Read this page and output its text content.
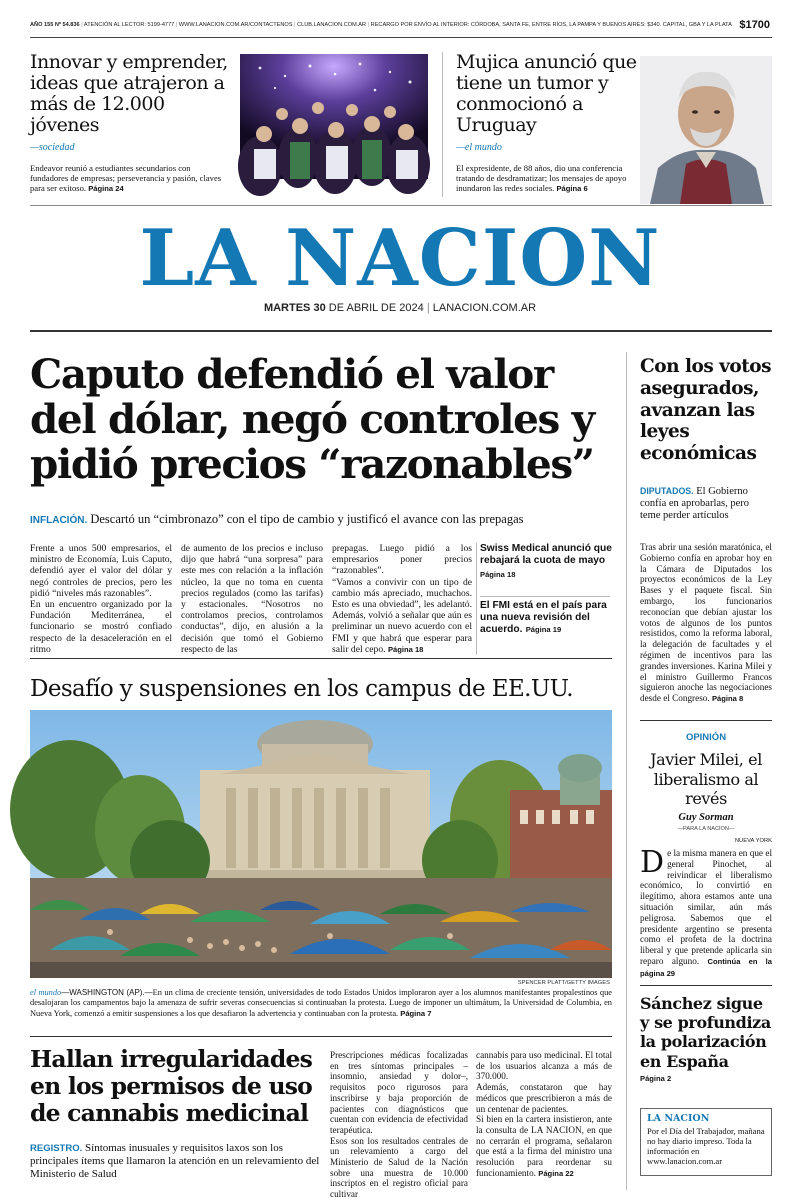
AÑO 155 Nº 54.836 | ATENCIÓN AL LECTOR: 5199-4777 | WWW.LANACION.COM.AR/CONTACTENOS | CLUB.LANACION.COM.AR | RECARGO POR ENVÍO AL INTERIOR: CÓRDOBA, SANTA FE, ENTRE RÍOS, LA PAMPA Y BUENOS AIRES: $340. CAPITAL, GBA Y LA PLATA $1700
Innovar y emprender, ideas que atrajeron a más de 12.000 jóvenes
—sociedad
Endeavor reunió a estudiantes secundarios con fundadores de empresas; perseverancia y pasión, claves para ser exitoso. Página 24
Mujica anunció que tiene un tumor y conmocionó a Uruguay
—el mundo
El expresidente, de 88 años, dio una conferencia tratando de desdramatizar; los mensajes de apoyo inundaron las redes sociales. Página 6
LA NACION
MARTES 30 DE ABRIL DE 2024 | LANACION.COM.AR
Caputo defendió el valor del dólar, negó controles y pidió precios “razonables”
INFLACIÓN. Descartó un “cimbronazo” con el tipo de cambio y justificó el avance con las prepagas
Frente a unos 500 empresarios, el ministro de Economía, Luis Caputo, defendió ayer el valor del dólar y negó controles de precios, pero les pidió “niveles más razonables”.
En un encuentro organizado por la Fundación Mediterránea, el funcionario se mostró confiado respecto de la desaceleración en el ritmo
de aumento de los precios e incluso dijo que habrá “una sorpresa” para este mes con relación a la inflación núcleo, la que no toma en cuenta precios regulados (como las tarifas) y estacionales. “Nosotros no controlamos precios, controlamos conductas”, dijo, en alusión a la decisión que tomó el Gobierno respecto de las
prepagas. Luego pidió a los empresarios poner precios “razonables”.
“Vamos a convivir con un tipo de cambio más apreciado, muchachos. Esto es una obviedad”, les adelantó. Además, volvió a señalar que aún es preliminar un nuevo acuerdo con el FMI y que habrá que esperar para salir del cepo. Página 18
Swiss Medical anunció que rebajará la cuota de mayo
Página 18
El FMI está en el país para una nueva revisión del acuerdo. Página 19
Desafío y suspensiones en los campus de EE.UU.
SPENCER PLATT/GETTY IMAGES
el mundo—WASHINGTON (AP).—En un clima de creciente tensión, universidades de todo Estados Unidos imploraron ayer a los alumnos manifestantes propalestinos que desalojaran los campamentos bajo la amenaza de sufrir severas consecuencias si continuaban la protesta. Luego de imponer un ultimátum, la Universidad de Columbia, en Nueva York, comenzó a emitir suspensiones a los que desafiaron la advertencia y continuaban con la protesta. Página 7
Hallan irregularidades en los permisos de uso de cannabis medicinal
REGISTRO. Síntomas inusuales y requisitos laxos son los principales ítems que llamaron la atención en un relevamiento del Ministerio de Salud
Prescripciones médicas focalizadas en tres síntomas principales –insomnio, ansiedad y dolor–, requisitos poco rigurosos para inscribirse y baja proporción de pacientes con diagnósticos que cuentan con evidencia de efectividad terapéutica.
Esos son los resultados centrales de un relevamiento a cargo del Ministerio de Salud de la Nación sobre una muestra de 10.000 inscriptos en el registro oficial para cultivar
cannabis para uso medicinal. El total de los usuarios alcanza a más de 370.000.
Además, constataron que hay médicos que prescribieron a más de un centenar de pacientes.
Si bien en la cartera insistieron, ante la consulta de LA NACION, en que no cerrarán el programa, señalaron que está a la firma del ministro una resolución para reordenar su funcionamiento. Página 22
Con los votos asegurados, avanzan las leyes económicas
DIPUTADOS. El Gobierno confía en aprobarlas, pero teme perder artículos
Tras abrir una sesión maratónica, el Gobierno confía en aprobar hoy en la Cámara de Diputados los proyectos económicos de la Ley Bases y el paquete fiscal. Sin embargo, los funcionarios reconocían que debían ajustar los votos de algunos de los puntos resistidos, como la reforma laboral, la delegación de facultades y el régimen de incentivos para las grandes inversiones. Karina Milei y el ministro Guillermo Francos siguieron anoche las negociaciones desde el Congreso. Página 8
OPINIÓN
Javier Milei, el liberalismo al revés
Guy Sorman
—PARA LA NACION—
NUEVA YORK
De la misma manera en que el general Pinochet, al reivindicar el liberalismo económico, lo convirtió en ilegítimo, ahora estamos ante una situación similar, aún más peligrosa. Sabemos que el presidente argentino se presenta como el profeta de la doctrina liberal y que pretende aplicarla sin reparo alguno. Continúa en la página 29
Sánchez sigue y se profundiza la polarización en España
Página 2
LA NACION
Por el Día del Trabajador, mañana no hay diario impreso. Toda la información en www.lanacion.com.ar
